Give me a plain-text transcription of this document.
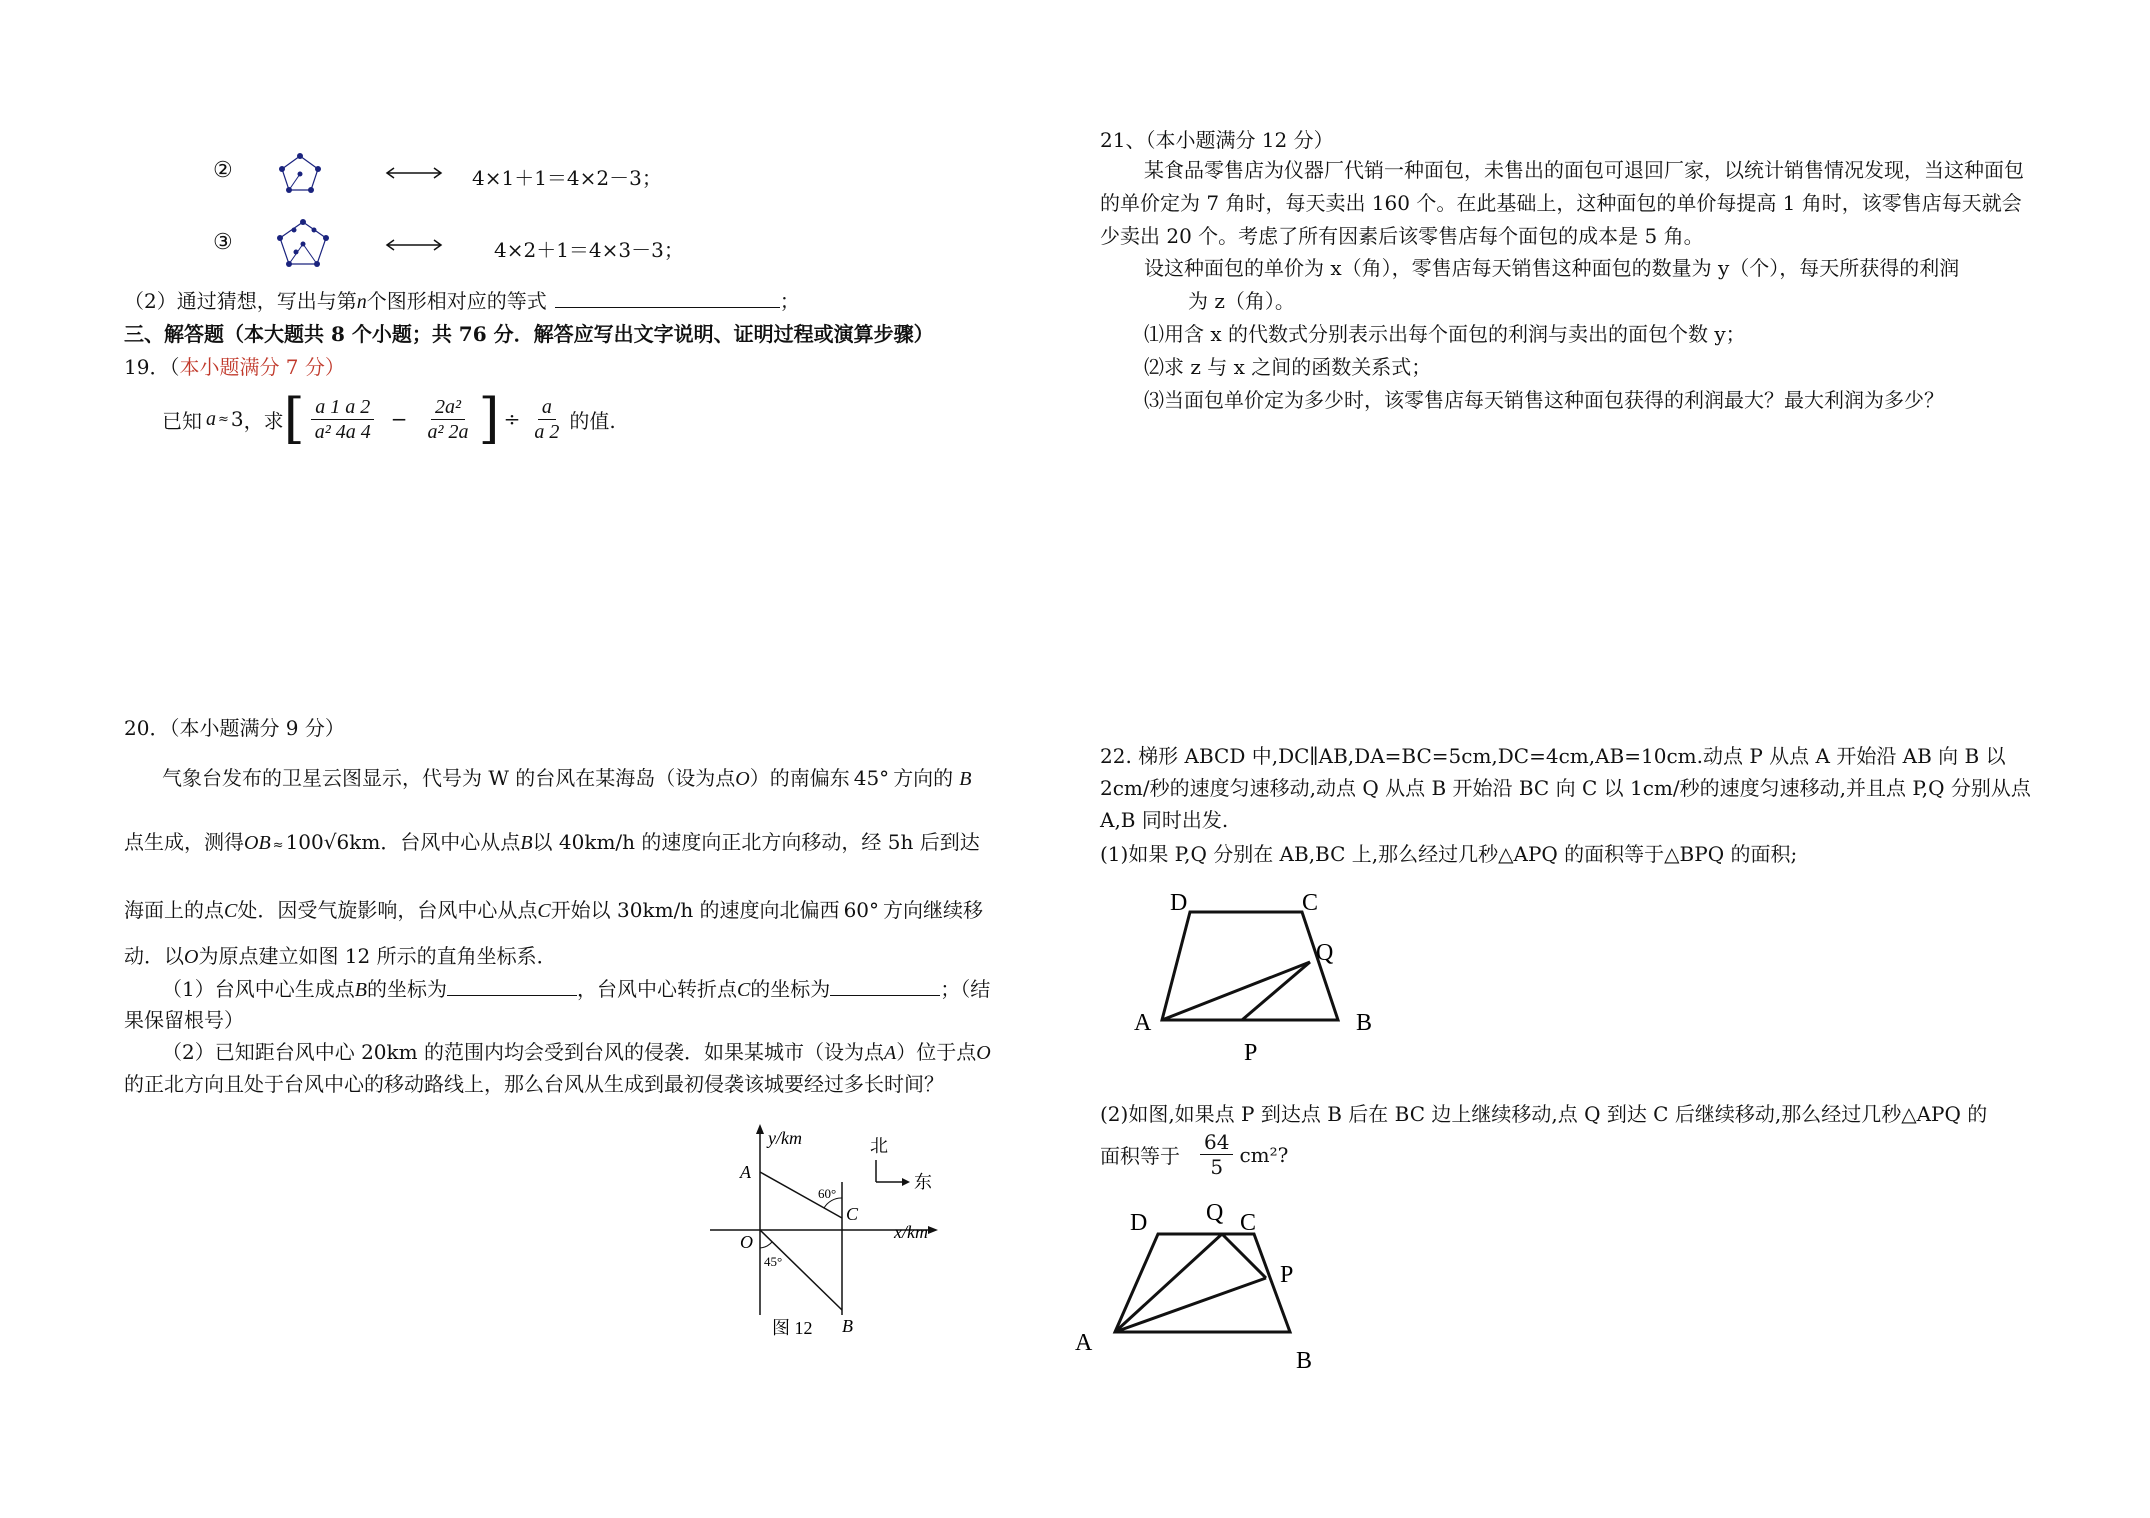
②	4×1＋1＝4×2－3；
③	4×2＋1＝4×3－3；
（2）通过猜想，写出与第n个图形相对应的等式	；
三、解答题（本大题共 8 个小题；共 76 分．解答应写出文字说明、证明过程或演算步骤）
19．（本小题满分 7 分）
已知 a ≈ 3 ，求 [ $\frac{a 1 a 2}{\text{a² 4a 4}} - \frac{\text{2a²}}{\text{a² 2a}}$ ] ÷ $\frac{a}{a 2}$ 的值.
20．（本小题满分 9 分）
气象台发布的卫星云图显示，代号为 W 的台风在某海岛（设为点O）的南偏东 45° 方向的 B
点生成，测得OB ≈ 100√6km．台风中心从点B以 40km/h 的速度向正北方向移动，经 5h 后到达
海面上的点C处．因受气旋影响，台风中心从点C开始以 30km/h 的速度向北偏西 60° 方向继续移
动．以O为原点建立如图 12 所示的直角坐标系．
（1）台风中心生成点B的坐标为	，台风中心转折点C的坐标为	；（结
果保留根号）
（2）已知距台风中心 20km 的范围内均会受到台风的侵袭．如果某城市（设为点A）位于点O
的正北方向且处于台风中心的移动路线上，那么台风从生成到最初侵袭该城要经过多长时间？
北
东
y/km
x/km
A
O
C
B
60°
45°
图 12
21、（本小题满分 12 分）
某食品零售店为仪器厂代销一种面包，未售出的面包可退回厂家，以统计销售情况发现，当这种面包的单价定为 7 角时，每天卖出 160 个。在此基础上，这种面包的单价每提高 1 角时，该零售店每天就会少卖出 20 个。考虑了所有因素后该零售店每个面包的成本是 5 角。
设这种面包的单价为 x（角），零售店每天销售这种面包的数量为 y（个），每天所获得的利润
为 z（角）。
⑴用含 x 的代数式分别表示出每个面包的利润与卖出的面包个数 y；
⑵求 z 与 x 之间的函数关系式；
⑶当面包单价定为多少时，该零售店每天销售这种面包获得的利润最大？最大利润为多少？
22. 梯形 ABCD 中,DC∥AB,DA=BC=5cm,DC=4cm,AB=10cm.动点 P 从点 A 开始沿 AB 向 B 以 2cm/秒的速度匀速移动,动点 Q 从点 B 开始沿 BC 向 C 以 1cm/秒的速度匀速移动,并且点 P,Q 分别从点 A,B 同时出发.
(1)如果 P,Q 分别在 AB,BC 上,那么经过几秒△APQ 的面积等于△BPQ 的面积;
D	C
Q
A	B
P
(2)如图,如果点 P 到达点 B 后在 BC 边上继续移动,点 Q 到达 C 后继续移动,那么经过几秒△APQ 的
面积等于 $\frac{64}{5} cm^2$?
D Q C
P
A
B
